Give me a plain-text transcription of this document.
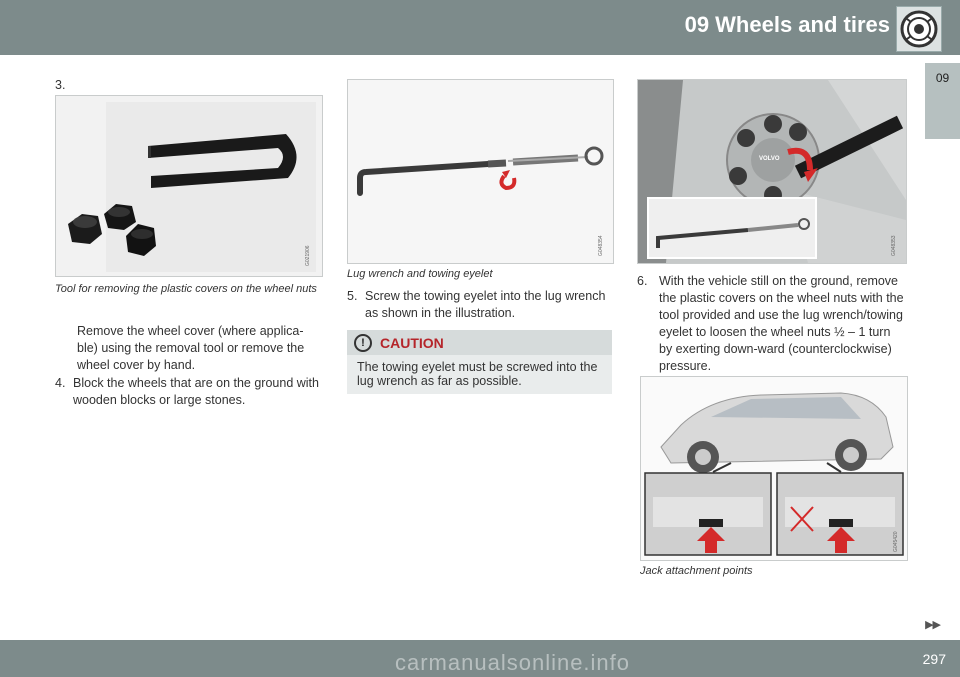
09 Wheels and tires
09
3.
G021906
Tool for removing the plastic covers on the wheel nuts
Remove the wheel cover (where applica-ble) using the removal tool or remove the wheel cover by hand.
4. Block the wheels that are on the ground with wooden blocks or large stones.
G048354
Lug wrench and towing eyelet
5. Screw the towing eyelet into the lug wrench as shown in the illustration.
!	CAUTION
The towing eyelet must be screwed into the lug wrench as far as possible.
VOLVO
G048353
6. With the vehicle still on the ground, remove the plastic covers on the wheel nuts with the tool provided and use the lug wrench/towing eyelet to loosen the wheel nuts ½ – 1 turn by exerting down-ward (counterclockwise) pressure.
G045420
Jack attachment points
▶▶
carmanualsonline.info	297
